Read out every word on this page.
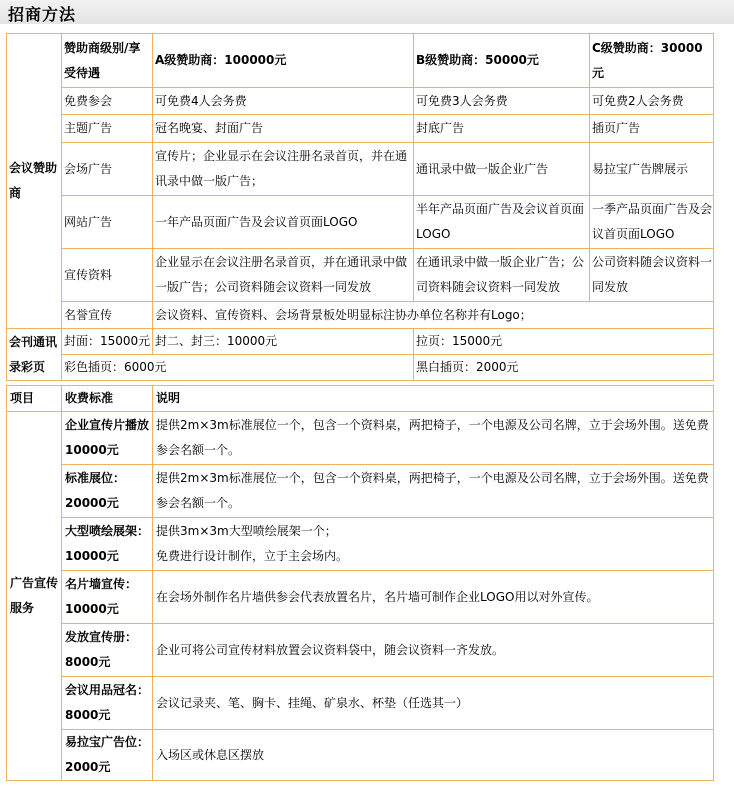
招商方法
会议赞助商	赞助商级别/享受待遇	A级赞助商：100000元	B级赞助商：50000元	C级赞助商：30000元
	免费参会	可免费4人会务费	可免费3人会务费	可免费2人会务费
	主题广告	冠名晚宴、封面广告	封底广告	插页广告
	会场广告	宣传片；企业显示在会议注册名录首页，并在通讯录中做一版广告；	通讯录中做一版企业广告	易拉宝广告牌展示
	网站广告	一年产品页面广告及会议首页面LOGO	半年产品页面广告及会议首页面LOGO	一季产品页面广告及会议首页面LOGO
	宣传资料	企业显示在会议注册名录首页，并在通讯录中做一版广告；公司资料随会议资料一同发放	在通讯录中做一版企业广告；公司资料随会议资料一同发放	公司资料随会议资料一同发放
	名誉宣传	会议资料、宣传资料、会场背景板处明显标注协办单位名称并有Logo；		
会刊通讯录彩页	封面：15000元	封二、封三：10000元	拉页：15000元	
	彩色插页：6000元		黑白插页：2000元	
项目	收费标准	说明
广告宣传服务	企业宣传片播放10000元	提供2m×3m标准展位一个，包含一个资料桌，两把椅子，一个电源及公司名牌，立于会场外围。送免费参会名额一个。
	标准展位：20000元	提供2m×3m标准展位一个，包含一个资料桌，两把椅子，一个电源及公司名牌，立于会场外围。送免费参会名额一个。
	大型喷绘展架：10000元	提供3m×3m大型喷绘展架一个；
免费进行设计制作，立于主会场内。

	名片墙宣传：10000元	在会场外制作名片墙供参会代表放置名片，名片墙可制作企业LOGO用以对外宣传。
	发放宣传册：8000元	企业可将公司宣传材料放置会议资料袋中，随会议资料一齐发放。
	会议用品冠名：8000元	会议记录夹、笔、胸卡、挂绳、矿泉水、杯垫（任选其一）
	易拉宝广告位：2000元	入场区或休息区摆放
